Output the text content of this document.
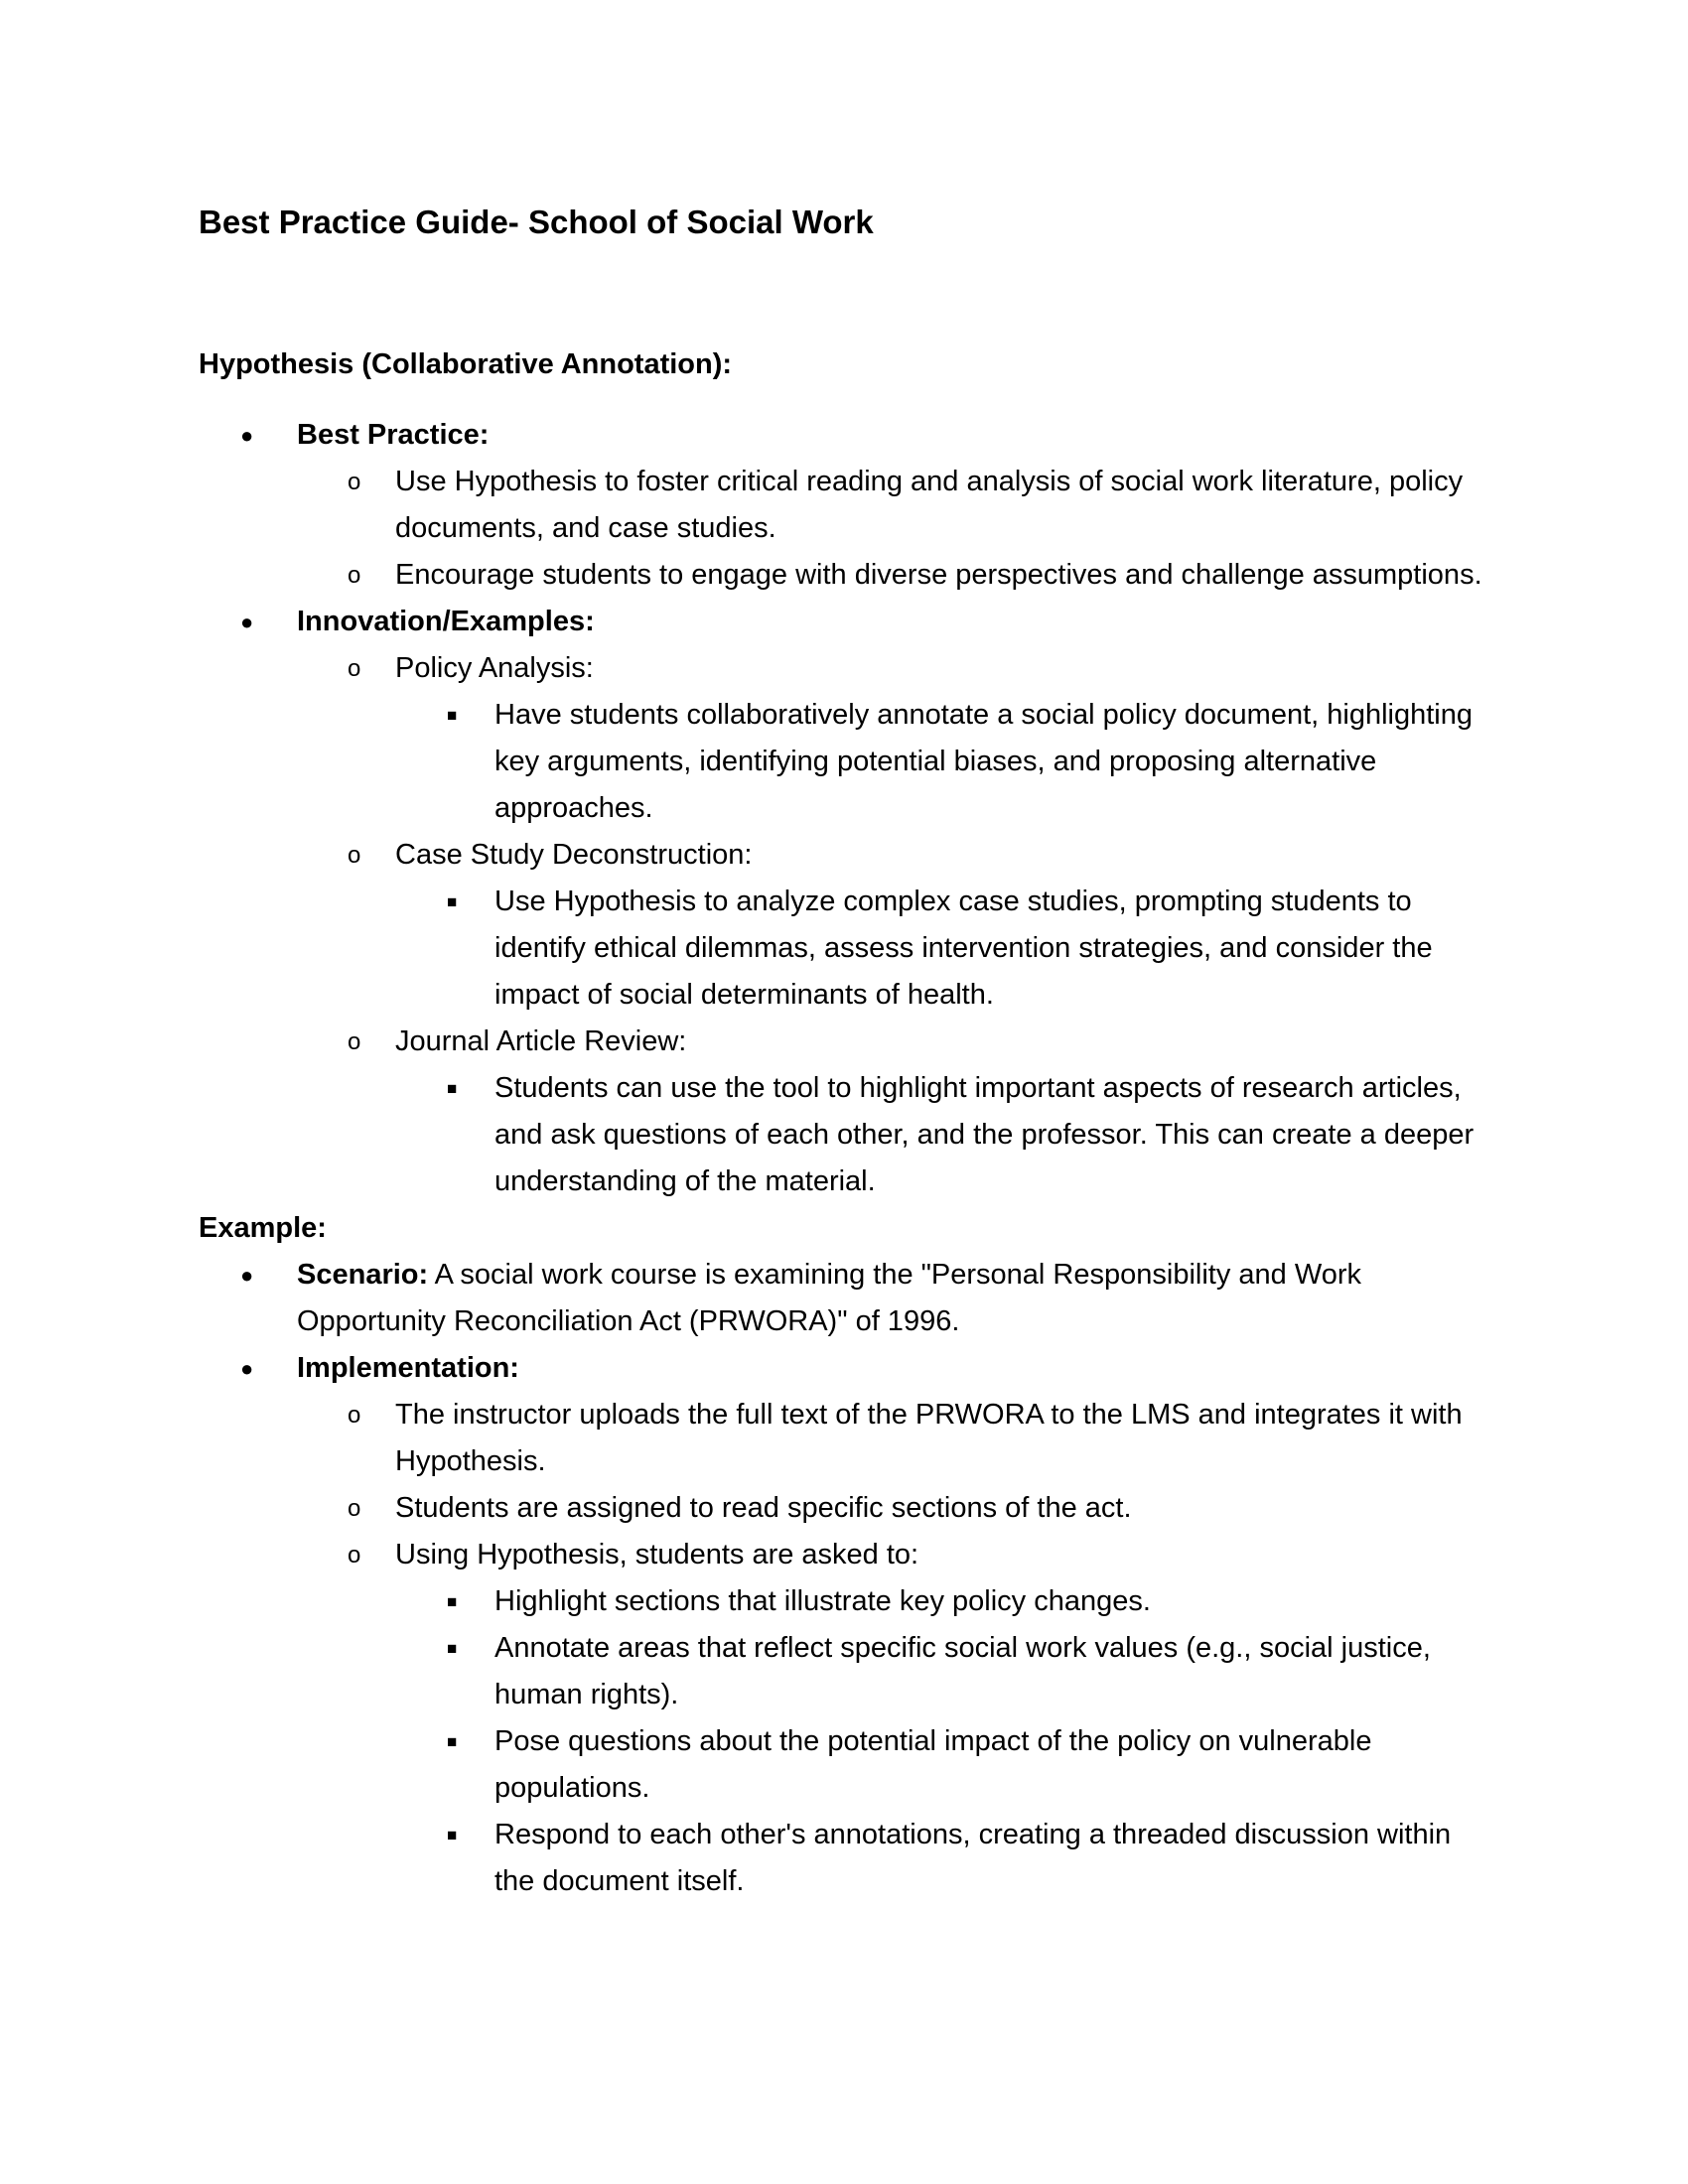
Best Practice Guide- School of Social Work

Hypothesis (Collaborative Annotation):

● Best Practice:
o Use Hypothesis to foster critical reading and analysis of social work literature, policy documents, and case studies.
o Encourage students to engage with diverse perspectives and challenge assumptions.
● Innovation/Examples:
o Policy Analysis:
■ Have students collaboratively annotate a social policy document, highlighting key arguments, identifying potential biases, and proposing alternative approaches.
o Case Study Deconstruction:
■ Use Hypothesis to analyze complex case studies, prompting students to identify ethical dilemmas, assess intervention strategies, and consider the impact of social determinants of health.
o Journal Article Review:
■ Students can use the tool to highlight important aspects of research articles, and ask questions of each other, and the professor. This can create a deeper understanding of the material.

Example:

● Scenario: A social work course is examining the "Personal Responsibility and Work Opportunity Reconciliation Act (PRWORA)" of 1996.
● Implementation:
o The instructor uploads the full text of the PRWORA to the LMS and integrates it with Hypothesis.
o Students are assigned to read specific sections of the act.
o Using Hypothesis, students are asked to:
■ Highlight sections that illustrate key policy changes.
■ Annotate areas that reflect specific social work values (e.g., social justice, human rights).
■ Pose questions about the potential impact of the policy on vulnerable populations.
■ Respond to each other's annotations, creating a threaded discussion within the document itself.
